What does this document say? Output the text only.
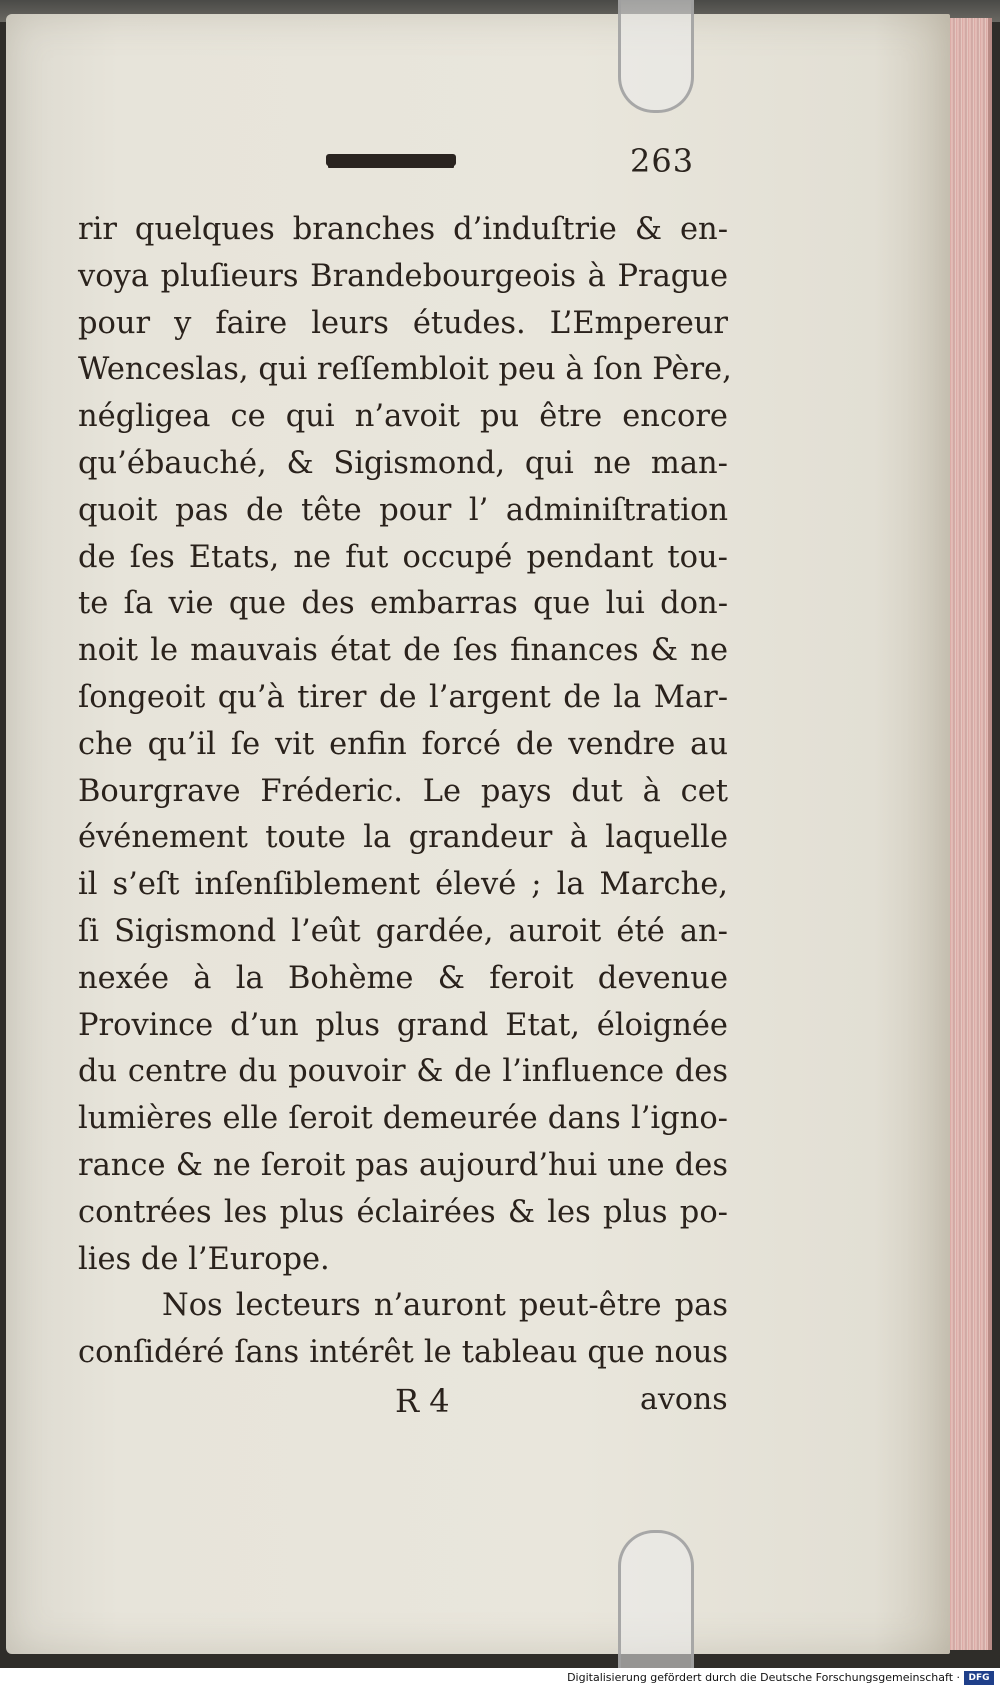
263
rir quelques branches d’induſtrie & en-
voya pluſieurs Brandebourgeois à Prague
pour y faire leurs études. L’Empereur
Wenceslas, qui reſſembloit peu à ſon Père,
négligea ce qui n’avoit pu être encore
qu’ébauché, & Sigismond, qui ne man-
quoit pas de tête pour l’ adminiſtration
de ſes Etats, ne fut occupé pendant tou-
te ſa vie que des embarras que lui don-
noit le mauvais état de ſes finances & ne
ſongeoit qu’à tirer de l’argent de la Mar-
che qu’il ſe vit enfin forcé de vendre au
Bourgrave Fréderic. Le pays dut à cet
événement toute la grandeur à laquelle
il s’eſt inſenſiblement élevé ; la Marche,
ſi Sigismond l’eût gardée, auroit été an-
nexée à la Bohème & feroit devenue
Province d’un plus grand Etat, éloignée
du centre du pouvoir & de l’influence des
lumières elle ſeroit demeurée dans l’igno-
rance & ne ſeroit pas aujourd’hui une des
contrées les plus éclairées & les plus po-
lies de l’Europe.
Nos lecteurs n’auront peut-être pas
conſidéré ſans intérêt le tableau que nous
R 4	avons
Digitalisierung gefördert durch die Deutsche Forschungsgemeinschaft · DFG
